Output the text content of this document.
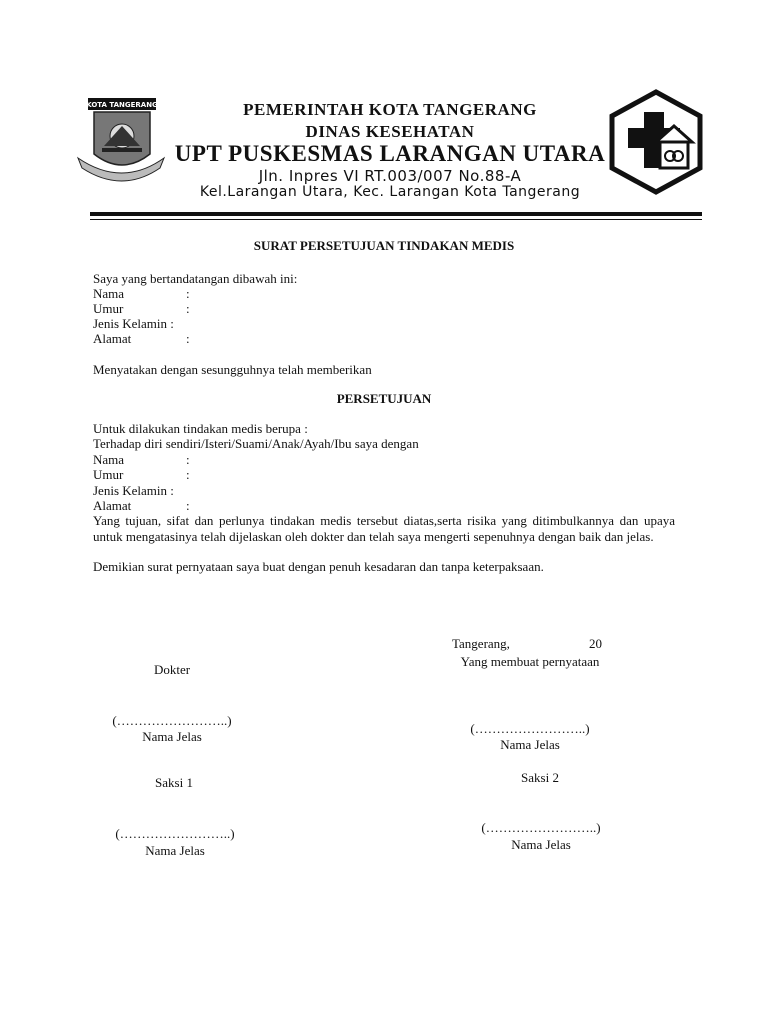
KOTA TANGERANG	PEMERINTAH KOTA TANGERANG
DINAS KESEHATAN
UPT PUSKESMAS LARANGAN UTARA
Jln. Inpres VI RT.003/007 No.88-A
Kel.Larangan Utara, Kec. Larangan Kota Tangerang
SURAT PERSETUJUAN TINDAKAN MEDIS
Saya yang bertandatangan dibawah ini:
Nama	:
Umur	:
Jenis Kelamin :
Alamat	:
Menyatakan dengan sesungguhnya telah memberikan
PERSETUJUAN
Untuk dilakukan tindakan medis berupa :
Terhadap diri sendiri/Isteri/Suami/Anak/Ayah/Ibu saya dengan
Nama	:
Umur	:
Jenis Kelamin :
Alamat	:
Yang tujuan, sifat dan perlunya tindakan medis tersebut diatas,serta risika yang ditimbulkannya dan upaya untuk mengatasinya telah dijelaskan oleh dokter dan telah saya mengerti sepenuhnya dengan baik dan jelas.
Demikian surat pernyataan saya buat dengan penuh kesadaran dan tanpa keterpaksaan.
Tangerang,	20
Yang membuat pernyataan
Dokter
(……………………..)
Nama Jelas
(……………………..)
Nama Jelas
Saksi 1	Saksi 2
(……………………..)
Nama Jelas
(……………………..)
Nama Jelas
